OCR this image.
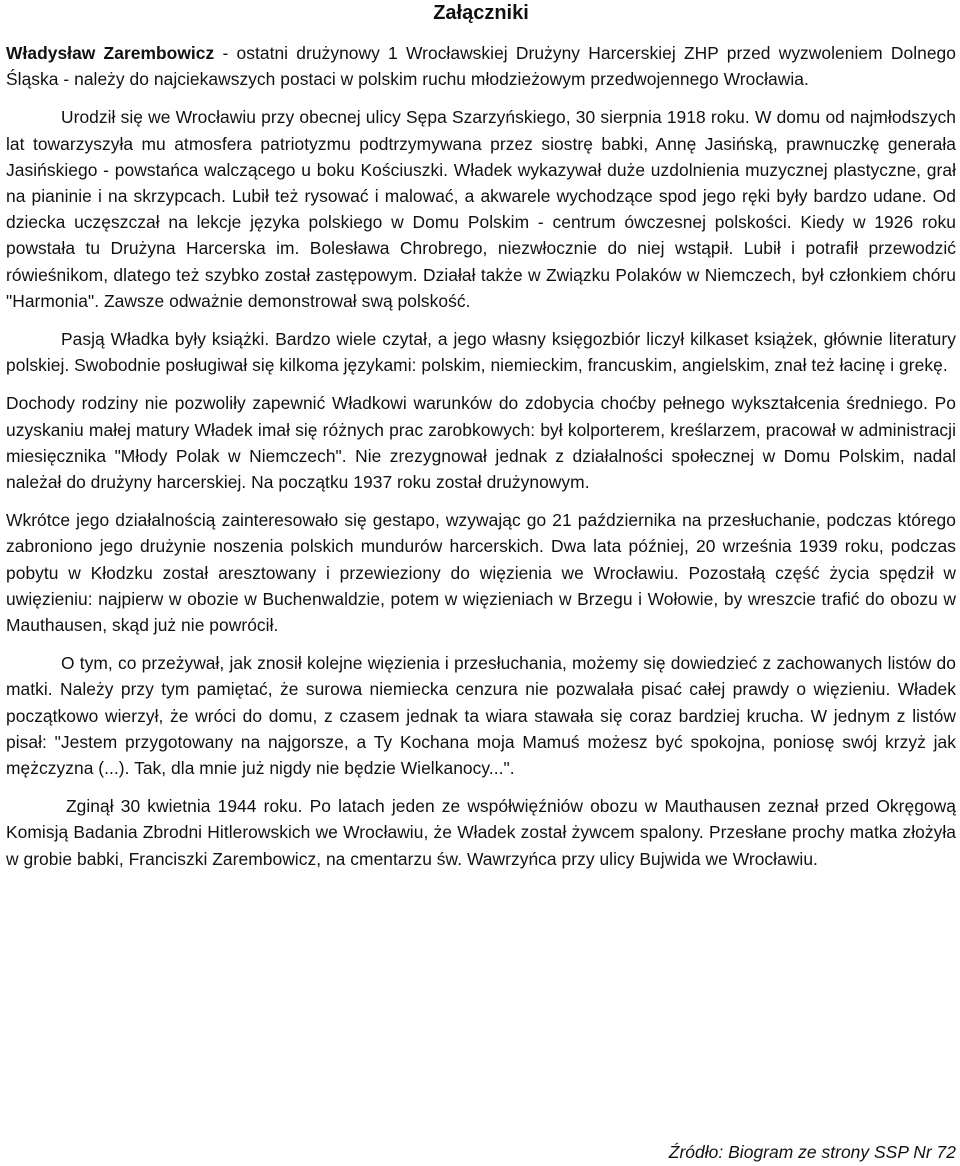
Załączniki

Władysław Zarembowicz - ostatni drużynowy 1 Wrocławskiej Drużyny Harcerskiej ZHP przed wyzwoleniem Dolnego Śląska - należy do najciekawszych postaci w polskim ruchu młodzieżowym przedwojennego Wrocławia.

Urodził się we Wrocławiu przy obecnej ulicy Sępa Szarzyńskiego, 30 sierpnia 1918 roku. W domu od najmłodszych lat towarzyszyła mu atmosfera patriotyzmu podtrzymywana przez siostrę babki, Annę Jasińską, prawnuczkę generała Jasińskiego - powstańca walczącego u boku Kościuszki. Władek wykazywał duże uzdolnienia muzycznej plastyczne, grał na pianinie i na skrzypcach. Lubił też rysować i malować, a akwarele wychodzące spod jego ręki były bardzo udane. Od dziecka uczęszczał na lekcje języka polskiego w Domu Polskim - centrum ówczesnej polskości. Kiedy w 1926 roku powstała tu Drużyna Harcerska im. Bolesława Chrobrego, niezwłocznie do niej wstąpił. Lubił i potrafił przewodzić rówieśnikom, dlatego też szybko został zastępowym. Działał także w Związku Polaków w Niemczech, był członkiem chóru "Harmonia". Zawsze odważnie demonstrował swą polskość.

Pasją Władka były książki. Bardzo wiele czytał, a jego własny księgozbiór liczył kilkaset książek, głównie literatury polskiej. Swobodnie posługiwał się kilkoma językami: polskim, niemieckim, francuskim, angielskim, znał też łacinę i grekę.

Dochody rodziny nie pozwoliły zapewnić Władkowi warunków do zdobycia choćby pełnego wykształcenia średniego. Po uzyskaniu małej matury Władek imał się różnych prac zarobkowych: był kolporterem, kreślarzem, pracował w administracji miesięcznika "Młody Polak w Niemczech". Nie zrezygnował jednak z działalności społecznej w Domu Polskim, nadal należał do drużyny harcerskiej. Na początku 1937 roku został drużynowym.

Wkrótce jego działalnością zainteresowało się gestapo, wzywając go 21 października na przesłuchanie, podczas którego zabroniono jego drużynie noszenia polskich mundurów harcerskich. Dwa lata później, 20 września 1939 roku, podczas pobytu w Kłodzku został aresztowany i przewieziony do więzienia we Wrocławiu. Pozostałą część życia spędził w uwięzieniu: najpierw w obozie w Buchenwaldzie, potem w więzieniach w Brzegu i Wołowie, by wreszcie trafić do obozu w Mauthausen, skąd już nie powrócił.

O tym, co przeżywał, jak znosił kolejne więzienia i przesłuchania, możemy się dowiedzieć z zachowanych listów do matki. Należy przy tym pamiętać, że surowa niemiecka cenzura nie pozwalała pisać całej prawdy o więzieniu. Władek początkowo wierzył, że wróci do domu, z czasem jednak ta wiara stawała się coraz bardziej krucha. W jednym z listów pisał: "Jestem przygotowany na najgorsze, a Ty Kochana moja Mamuś możesz być spokojna, poniosę swój krzyż jak mężczyzna (...). Tak, dla mnie już nigdy nie będzie Wielkanocy...".

Zginął 30 kwietnia 1944 roku. Po latach jeden ze współwięźniów obozu w Mauthausen zeznał przed Okręgową Komisją Badania Zbrodni Hitlerowskich we Wrocławiu, że Władek został żywcem spalony. Przesłane prochy matka złożyła w grobie babki, Franciszki Zarembowicz, na cmentarzu św. Wawrzyńca przy ulicy Bujwida we Wrocławiu.

Źródło: Biogram ze strony SSP Nr 72
